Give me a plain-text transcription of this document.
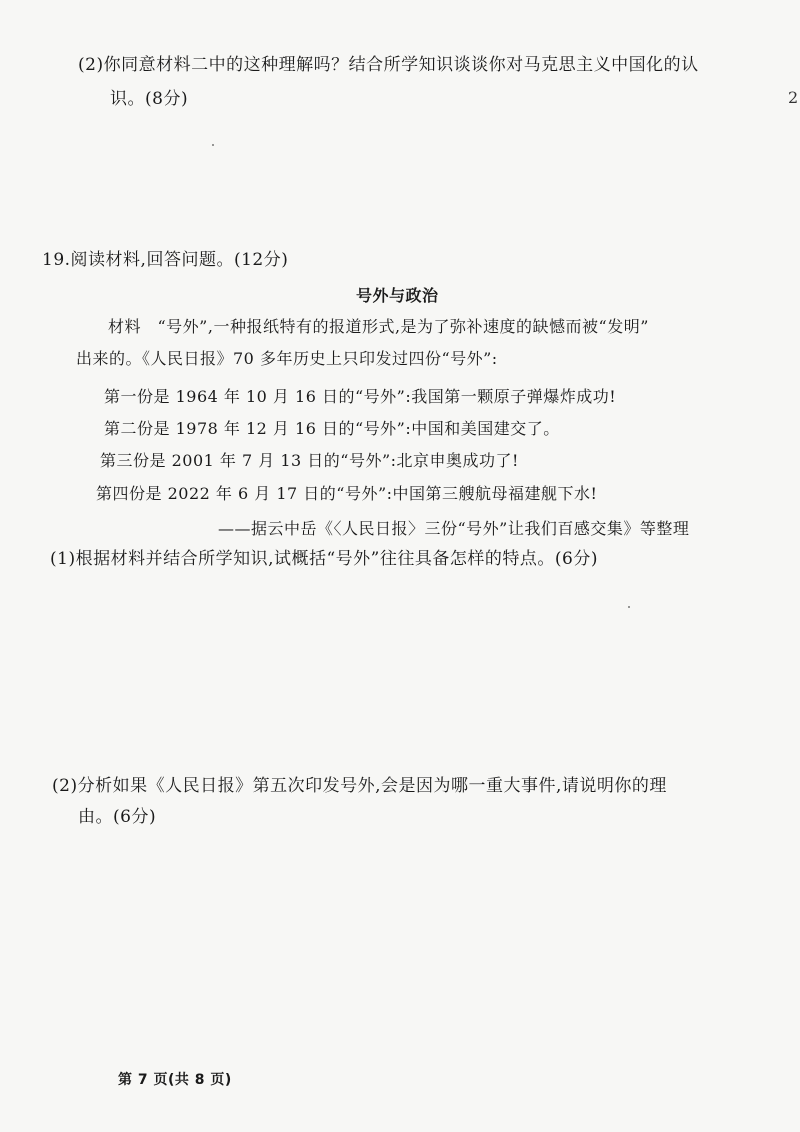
2
(2)你同意材料二中的这种理解吗？结合所学知识谈谈你对马克思主义中国化的认
识。(8分)
19.阅读材料,回答问题。(12分)
号外与政治
材料　“号外”,一种报纸特有的报道形式,是为了弥补速度的缺憾而被“发明”
出来的。《人民日报》70 多年历史上只印发过四份“号外”:
第一份是 1964 年 10 月 16 日的“号外”:我国第一颗原子弹爆炸成功!
第二份是 1978 年 12 月 16 日的“号外”:中国和美国建交了。
第三份是 2001 年 7 月 13 日的“号外”:北京申奥成功了!
第四份是 2022 年 6 月 17 日的“号外”:中国第三艘航母福建舰下水!
——据云中岳《〈人民日报〉三份“号外”让我们百感交集》等整理
(1)根据材料并结合所学知识,试概括“号外”往往具备怎样的特点。(6分)
(2)分析如果《人民日报》第五次印发号外,会是因为哪一重大事件,请说明你的理
由。(6分)
第 7 页(共 8 页)
